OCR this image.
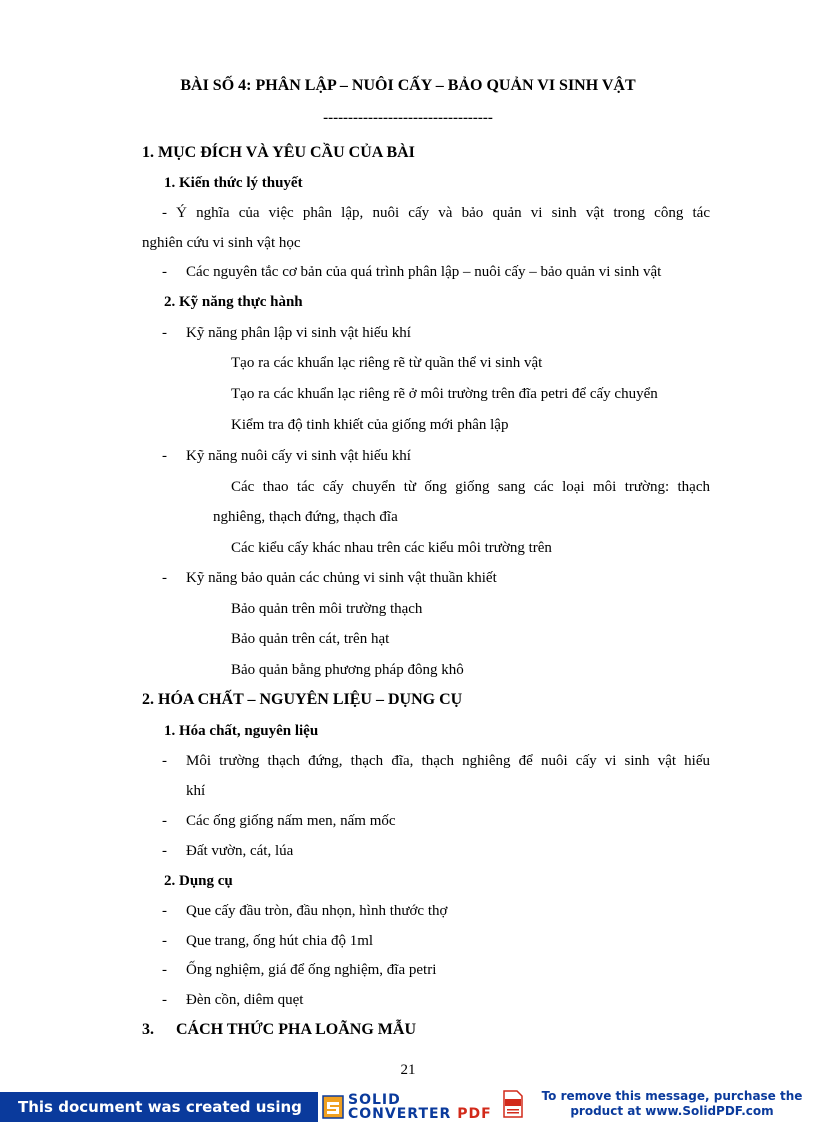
BÀI SỐ 4: PHÂN LẬP – NUÔI CẤY – BẢO QUẢN VI SINH VẬT
----------------------------------
1. MỤC ĐÍCH VÀ YÊU CẦU CỦA BÀI
1. Kiến thức lý thuyết
- Ý nghĩa của việc phân lập, nuôi cấy và bảo quản vi sinh vật trong công tác
nghiên cứu vi sinh vật học
- Các nguyên tắc cơ bản của quá trình phân lập – nuôi cấy – bảo quản vi sinh vật
2. Kỹ năng thực hành
- Kỹ năng phân lập vi sinh vật hiếu khí
Tạo ra các khuẩn lạc riêng rẽ từ quần thể vi sinh vật
Tạo ra các khuẩn lạc riêng rẽ ở môi trường trên đĩa petri để cấy chuyển
Kiểm tra độ tinh khiết của giống mới phân lập
- Kỹ năng nuôi cấy vi sinh vật hiếu khí
Các thao tác cấy chuyển từ ống giống sang các loại môi trường: thạch
nghiêng, thạch đứng, thạch đĩa
Các kiểu cấy khác nhau trên các kiểu môi trường trên
- Kỹ năng bảo quản các chủng vi sinh vật thuần khiết
Bảo quản trên môi trường thạch
Bảo quản trên cát, trên hạt
Bảo quản bằng phương pháp đông khô
2. HÓA CHẤT – NGUYÊN LIỆU – DỤNG CỤ
1. Hóa chất, nguyên liệu
- Môi trường thạch đứng, thạch đĩa, thạch nghiêng để nuôi cấy vi sinh vật hiếu
khí
- Các ống giống nấm men, nấm mốc
- Đất vườn, cát, lúa
2. Dụng cụ
- Que cấy đầu tròn, đầu nhọn, hình thước thợ
- Que trang, ống hút chia độ 1ml
- Ống nghiệm, giá để ống nghiệm, đĩa petri
- Đèn cồn, diêm quẹt
3. CÁCH THỨC PHA LOÃNG MẪU
21
This document was created using	SOLID
CONVERTER PDF
To remove this message, purchase the
product at www.SolidPDF.com
